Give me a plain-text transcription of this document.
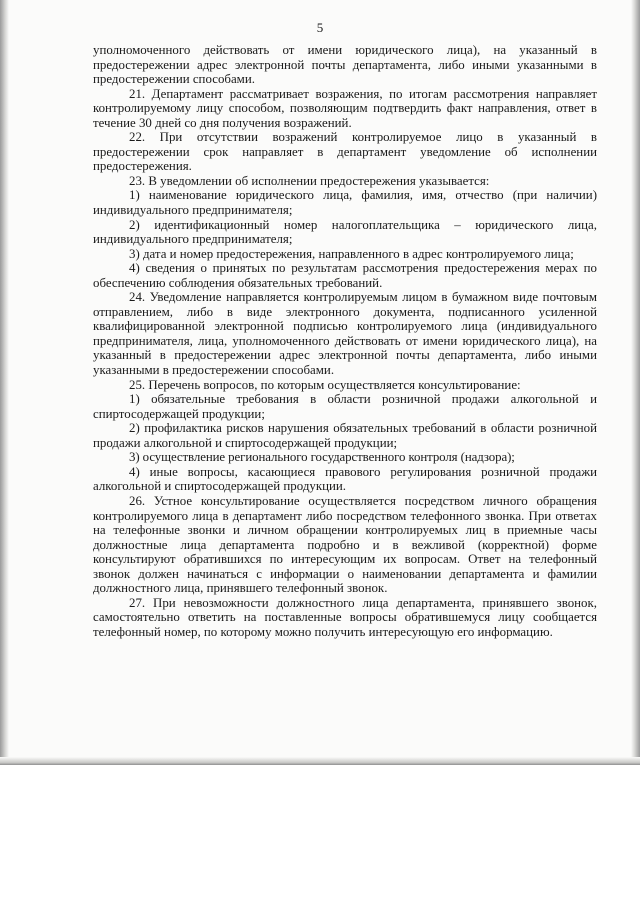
5

уполномоченного действовать от имени юридического лица), на указанный в предостережении адрес электронной почты департамента, либо иными указанными в предостережении способами.

21. Департамент рассматривает возражения, по итогам рассмотрения направляет контролируемому лицу способом, позволяющим подтвердить факт направления, ответ в течение 30 дней со дня получения возражений.

22. При отсутствии возражений контролируемое лицо в указанный в предостережении срок направляет в департамент уведомление об исполнении предостережения.

23. В уведомлении об исполнении предостережения указывается:

1) наименование юридического лица, фамилия, имя, отчество (при наличии) индивидуального предпринимателя;

2) идентификационный номер налогоплательщика – юридического лица, индивидуального предпринимателя;

3) дата и номер предостережения, направленного в адрес контролируемого лица;

4) сведения о принятых по результатам рассмотрения предостережения мерах по обеспечению соблюдения обязательных требований.

24. Уведомление направляется контролируемым лицом в бумажном виде почтовым отправлением, либо в виде электронного документа, подписанного усиленной квалифицированной электронной подписью контролируемого лица (индивидуального предпринимателя, лица, уполномоченного действовать от имени юридического лица), на указанный в предостережении адрес электронной почты департамента, либо иными указанными в предостережении способами.

25. Перечень вопросов, по которым осуществляется консультирование:

1) обязательные требования в области розничной продажи алкогольной и спиртосодержащей продукции;

2) профилактика рисков нарушения обязательных требований в области розничной продажи алкогольной и спиртосодержащей продукции;

3) осуществление регионального государственного контроля (надзора);

4) иные вопросы, касающиеся правового регулирования розничной продажи алкогольной и спиртосодержащей продукции.

26. Устное консультирование осуществляется посредством личного обращения контролируемого лица в департамент либо посредством телефонного звонка. При ответах на телефонные звонки и личном обращении контролируемых лиц в приемные часы должностные лица департамента подробно и в вежливой (корректной) форме консультируют обратившихся по интересующим их вопросам. Ответ на телефонный звонок должен начинаться с информации о наименовании департамента и фамилии должностного лица, принявшего телефонный звонок.

27. При невозможности должностного лица департамента, принявшего звонок, самостоятельно ответить на поставленные вопросы обратившемуся лицу сообщается телефонный номер, по которому можно получить интересующую его информацию.
